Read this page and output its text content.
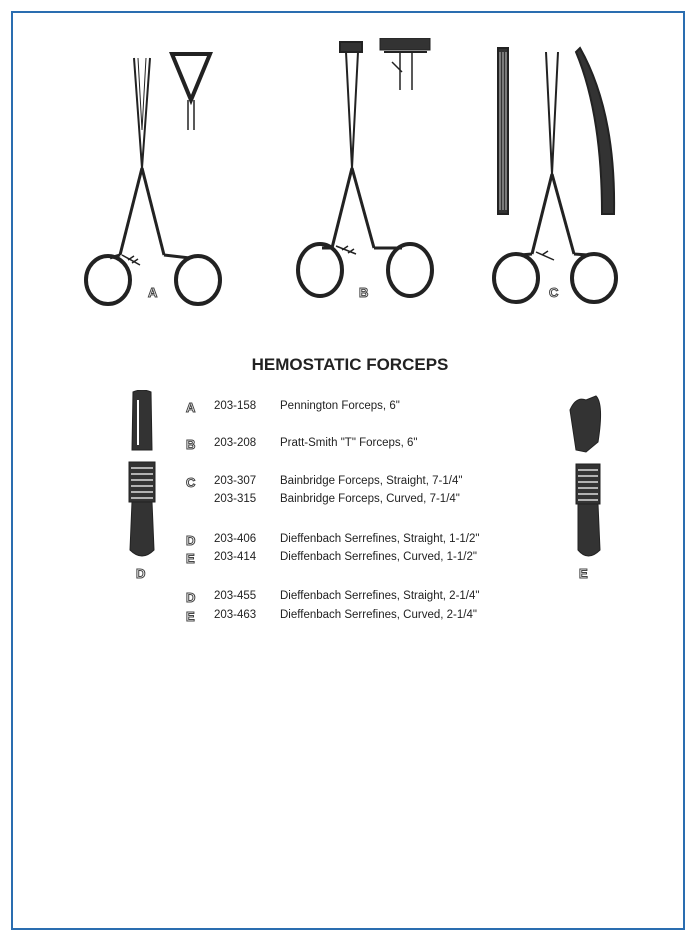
A	B	C
HEMOSTATIC FORCEPS
D	E
A	203-158 Pennington Forceps, 6"
B	203-208 Pratt-Smith "T" Forceps, 6"
C	203-307 Bainbridge Forceps, Straight, 7-1/4"
203-315 Bainbridge Forceps, Curved, 7-1/4"
D	203-406 Dieffenbach Serrefines, Straight, 1-1/2"
E	203-414 Dieffenbach Serrefines, Curved, 1-1/2"
D	203-455 Dieffenbach Serrefines, Straight, 2-1/4"
E	203-463 Dieffenbach Serrefines, Curved, 2-1/4"
